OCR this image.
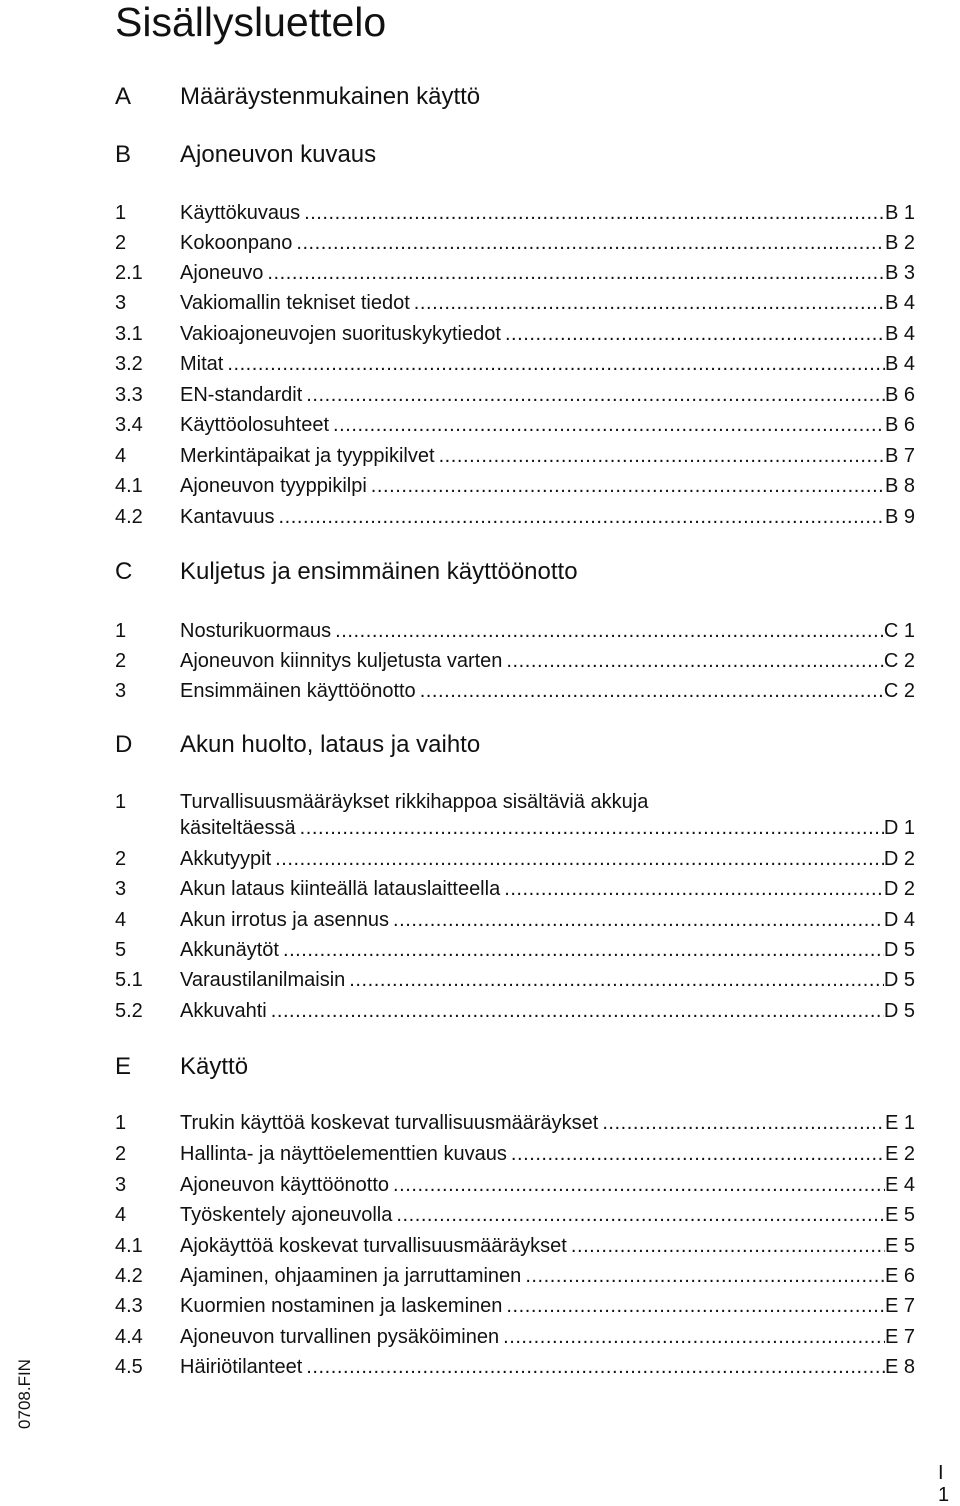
Sisällysluettelo
A Määräystenmukainen käyttö
B Ajoneuvon kuvaus
1	Käyttökuvaus . . .	B 1
2	Kokoonpano . . .	B 2
2.1 Ajoneuvo . . .	B 3
3	Vakiomallin tekniset tiedot . . .	B 4
3.1 Vakioajoneuvojen suorituskykytiedot . . .	B 4
3.2 Mitat . . .	B 4
3.3 EN-standardit . . .	B 6
3.4 Käyttöolosuhteet . . .	B 6
4	Merkintäpaikat ja tyyppikilvet . . .	B 7
4.1 Ajoneuvon tyyppikilpi . . .	B 8
4.2 Kantavuus . . .	B 9
C Kuljetus ja ensimmäinen käyttöönotto
1	Nosturikuormaus . . .	C 1
2	Ajoneuvon kiinnitys kuljetusta varten . . .	C 2
3	Ensimmäinen käyttöönotto . . .	C 2
D Akun huolto, lataus ja vaihto
1	Turvallisuusmääräykset rikkihappoa sisältäviä akkuja
käsiteltäessä . . .	D 1
2	Akkutyypit . . .	D 2
3	Akun lataus kiinteällä latauslaitteella . . .	D 2
4	Akun irrotus ja asennus . . .	D 4
5	Akkunäytöt . . .	D 5
5.1 Varaustilanilmaisin . . .	D 5
5.2 Akkuvahti . . .	D 5
E Käyttö
1	Trukin käyttöä koskevat turvallisuusmääräykset . . .	E 1
2	Hallinta- ja näyttöelementtien kuvaus . . .	E 2
3	Ajoneuvon käyttöönotto . . .	E 4
4	Työskentely ajoneuvolla . . .	E 5
4.1 Ajokäyttöä koskevat turvallisuusmääräykset . . .	E 5
4.2 Ajaminen, ohjaaminen ja jarruttaminen . . .	E 6
4.3 Kuormien nostaminen ja laskeminen . . .	E 7
4.4 Ajoneuvon turvallinen pysäköiminen . . .	E 7
4.5 Häiriötilanteet . . .	E 8
0708.FIN
I 1
